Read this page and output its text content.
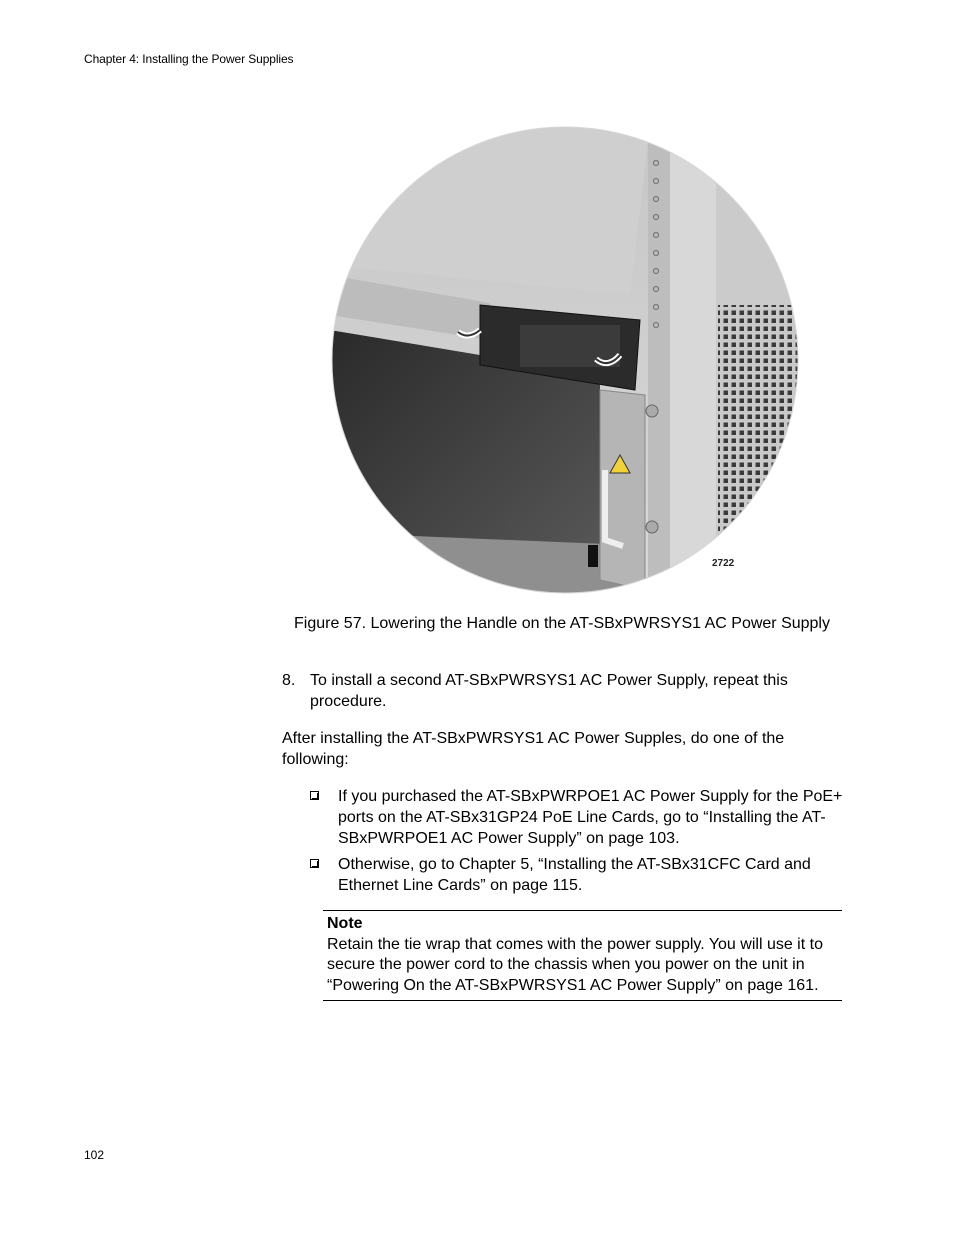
Chapter 4: Installing the Power Supplies
2722
Figure 57. Lowering the Handle on the AT-SBxPWRSYS1 AC Power Supply
8. To install a second AT-SBxPWRSYS1 AC Power Supply, repeat this procedure.
After installing the AT-SBxPWRSYS1 AC Power Supples, do one of the following:
If you purchased the AT-SBxPWRPOE1 AC Power Supply for the PoE+ ports on the AT-SBx31GP24 PoE Line Cards, go to “Installing the AT-SBxPWRPOE1 AC Power Supply” on page 103.
Otherwise, go to Chapter 5, “Installing the AT-SBx31CFC Card and Ethernet Line Cards” on page 115.
Note
Retain the tie wrap that comes with the power supply. You will use it to secure the power cord to the chassis when you power on the unit in “Powering On the AT-SBxPWRSYS1 AC Power Supply” on page 161.
102
